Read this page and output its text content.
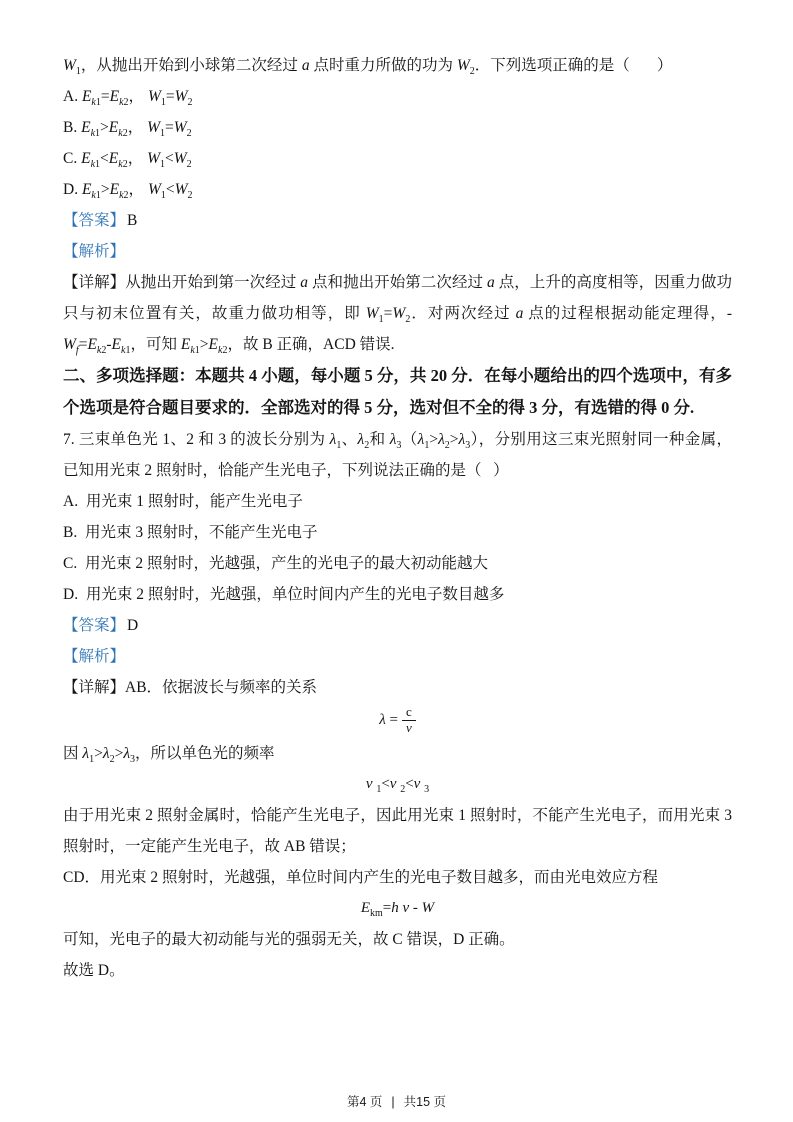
$W_1$，从抛出开始到小球第二次经过 a 点时重力所做的功为 $W_2$．下列选项正确的是（       ）

A. $E_{k1}=E_{k2}$， $W_1=W_2$

B. $E_{k1}>E_{k2}$， $W_1=W_2$

C. $E_{k1}<E_{k2}$， $W_1<W_2$

D. $E_{k1}>E_{k2}$， $W_1<W_2$

【答案】 B

【解析】

【详解】从抛出开始到第一次经过 a 点和抛出开始第二次经过 a 点，上升的高度相等，因重力做功只与初末位置有关，故重力做功相等，即 $W_1=W_2$．对两次经过 a 点的过程根据动能定理得，$-W_f=E_{k2}-E_{k1}$，可知 $E_{k1}>E_{k2}$，故 B 正确，ACD 错误.

二、多项选择题：本题共 4 小题，每小题 5 分，共 20 分．在每小题给出的四个选项中，有多个选项是符合题目要求的．全部选对的得 5 分，选对但不全的得 3 分，有选错的得 0 分.

7. 三束单色光 1、2 和 3 的波长分别为 $\lambda_1$、$\lambda_2$和 $\lambda_3(\lambda_1>\lambda_2>\lambda_3)$，分别用这三束光照射同一种金属，已知用光束 2 照射时，恰能产生光电子，下列说法正确的是（   ）

A.  用光束 1 照射时，能产生光电子

B.  用光束 3 照射时，不能产生光电子

C.  用光束 2 照射时，光越强，产生的光电子的最大初动能越大

D.  用光束 2 照射时，光越强，单位时间内产生的光电子数目越多

【答案】 D

【解析】

【详解】AB．依据波长与频率的关系

$\lambda = \frac{c}{\nu}$

因 $\lambda_1>\lambda_2>\lambda_3$，所以单色光的频率

ν $_1$<ν $_2$<ν $_3$

由于用光束 2 照射金属时，恰能产生光电子，因此用光束 1 照射时，不能产生光电子，而用光束 3 照射时，一定能产生光电子，故 AB 错误；

CD．用光束 2 照射时，光越强，单位时间内产生的光电子数目越多，而由光电效应方程

$E_{km}=h$ ν - W

可知，光电子的最大初动能与光的强弱无关，故 C 错误，D 正确。

故选 D。

第4 页 | 共15 页
